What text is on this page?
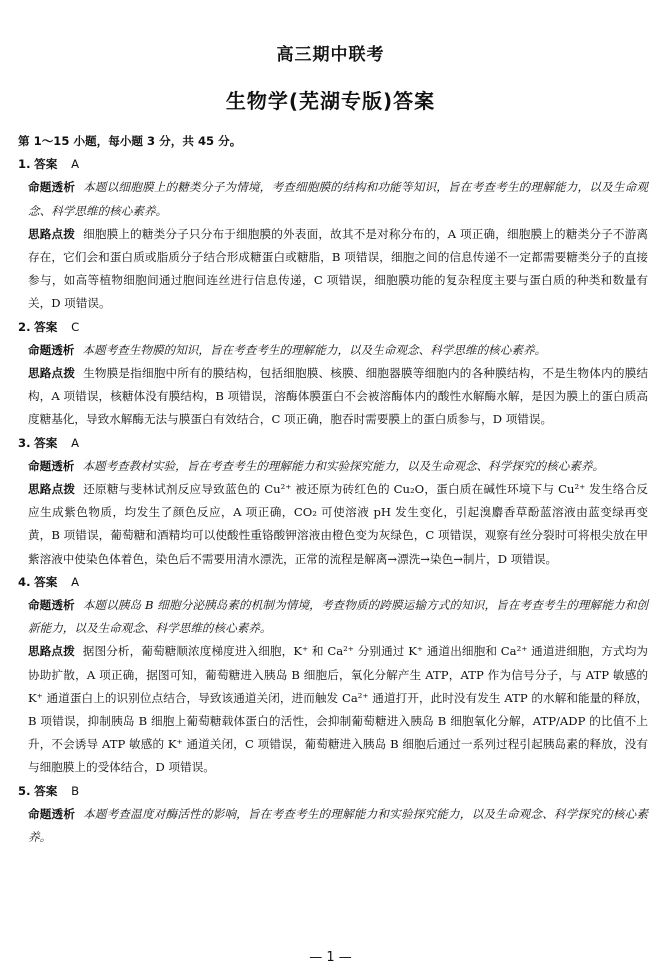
高三期中联考
生物学(芜湖专版)答案
第 1～15 小题，每小题 3 分，共 45 分。
1. 答案 A
命题透析 本题以细胞膜上的糖类分子为情境，考查细胞膜的结构和功能等知识，旨在考查考生的理解能力，以及生命观念、科学思维的核心素养。
思路点拨 细胞膜上的糖类分子只分布于细胞膜的外表面，故其不是对称分布的，A 项正确，细胞膜上的糖类分子不游离存在，它们会和蛋白质或脂质分子结合形成糖蛋白或糖脂，B 项错误，细胞之间的信息传递不一定都需要糖类分子的直接参与，如高等植物细胞间通过胞间连丝进行信息传递，C 项错误，细胞膜功能的复杂程度主要与蛋白质的种类和数量有关，D 项错误。
2. 答案 C
命题透析 本题考查生物膜的知识，旨在考查考生的理解能力，以及生命观念、科学思维的核心素养。
思路点拨 生物膜是指细胞中所有的膜结构，包括细胞膜、核膜、细胞器膜等细胞内的各种膜结构，不是生物体内的膜结构，A 项错误，核糖体没有膜结构，B 项错误，溶酶体膜蛋白不会被溶酶体内的酸性水解酶水解，是因为膜上的蛋白质高度糖基化，导致水解酶无法与膜蛋白有效结合，C 项正确，胞吞时需要膜上的蛋白质参与，D 项错误。
3. 答案 A
命题透析 本题考查教材实验，旨在考查考生的理解能力和实验探究能力，以及生命观念、科学探究的核心素养。
思路点拨 还原糖与斐林试剂反应导致蓝色的 Cu²⁺ 被还原为砖红色的 Cu₂O，蛋白质在碱性环境下与 Cu²⁺ 发生络合反应生成紫色物质，均发生了颜色反应，A 项正确，CO₂ 可使溶液 pH 发生变化，引起溴麝香草酚蓝溶液由蓝变绿再变黄，B 项错误，葡萄糖和酒精均可以使酸性重铬酸钾溶液由橙色变为灰绿色，C 项错误，观察有丝分裂时可将根尖放在甲紫溶液中使染色体着色，染色后不需要用清水漂洗，正常的流程是解离→漂洗→染色→制片，D 项错误。
4. 答案 A
命题透析 本题以胰岛 B 细胞分泌胰岛素的机制为情境，考查物质的跨膜运输方式的知识，旨在考查考生的理解能力和创新能力，以及生命观念、科学思维的核心素养。
思路点拨 据图分析，葡萄糖顺浓度梯度进入细胞，K⁺ 和 Ca²⁺ 分别通过 K⁺ 通道出细胞和 Ca²⁺ 通道进细胞，方式均为协助扩散，A 项正确，据图可知，葡萄糖进入胰岛 B 细胞后，氧化分解产生 ATP，ATP 作为信号分子，与 ATP 敏感的 K⁺ 通道蛋白上的识别位点结合，导致该通道关闭，进而触发 Ca²⁺ 通道打开，此时没有发生 ATP 的水解和能量的释放，B 项错误，抑制胰岛 B 细胞上葡萄糖载体蛋白的活性，会抑制葡萄糖进入胰岛 B 细胞氧化分解，ATP/ADP 的比值不上升，不会诱导 ATP 敏感的 K⁺ 通道关闭，C 项错误，葡萄糖进入胰岛 B 细胞后通过一系列过程引起胰岛素的释放，没有与细胞膜上的受体结合，D 项错误。
5. 答案 B
命题透析 本题考查温度对酶活性的影响，旨在考查考生的理解能力和实验探究能力，以及生命观念、科学探究的核心素养。
— 1 —
